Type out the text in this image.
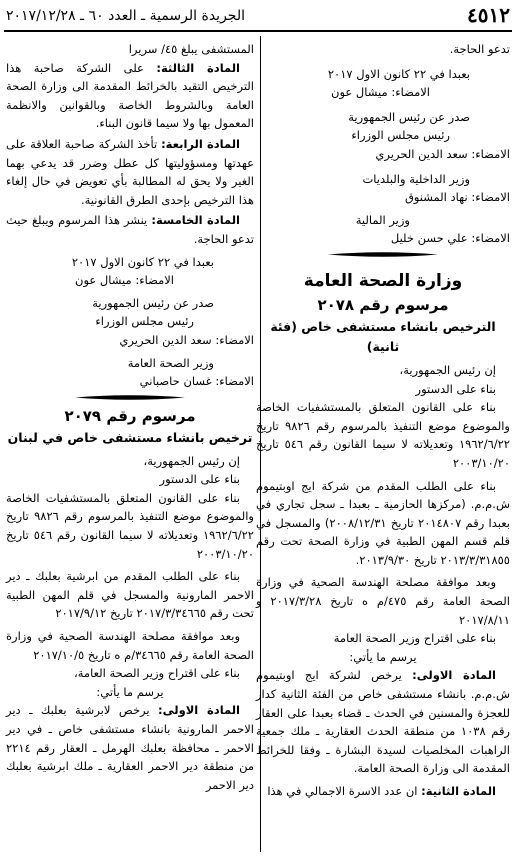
٤٥١٢
الجريدة الرسمية ـ العدد ٦٠ ـ ٢٠١٧/١٢/٢٨

تدعو الحاجة.

بعبدا في ٢٢ كانون الاول ٢٠١٧

الامضاء: ميشال عون

صدر عن رئيس الجمهورية

رئيس مجلس الوزراء

الامضاء: سعد الدين الحريري

وزير الداخلية والبلديات

الامضاء: نهاد المشنوق

وزير المالية

الامضاء: علي حسن خليل

وزارة الصحة العامة

مرسوم رقم ٢٠٧٨

الترخيص بانشاء مستشفى خاص (فئة ثانية)

إن رئيس الجمهورية،

بناء على الدستور

بناء على القانون المتعلق بالمستشفيات الخاصة والموضوع موضع التنفيذ بالمرسوم رقم ٩٨٢٦ تاريخ ١٩٦٢/٦/٢٢ وتعديلاته لا سيما القانون رقم ٥٤٦ تاريخ ٢٠٠٣/١٠/٢٠

بناء على الطلب المقدم من شركة ايج اوبتيموم ش.م.م. (مركزها الحازمية ـ بعبدا ـ سجل تجاري في بعبدا رقم ٢٠١٤٨٠٧ تاريخ ٢٠٠٨/١٢/٣١) والمسجل في قلم قسم المهن الطبية في وزارة الصحة تحت رقم ٢٠١٣/٣/٣١٨٥٥ تاريخ ٢٠١٣/٩/٣٠.

وبعد موافقة مصلحة الهندسة الصحية في وزارة الصحة العامة رقم ٤٧٥/م ه تاريخ ٢٠١٧/٣/٢٨ و ٢٠١٧/٨/١١

بناء على اقتراح وزير الصحة العامة

يرسم ما يأتي:

المادة الاولى: يرخص لشركة ايج اوبتيموم ش.م.م. بانشاء مستشفى خاص من الفئة الثانية كدار للعجزة والمسنين في الحدث ـ قضاء بعبدا على العقار رقم ١٠٣٨ من منطقة الحدث العقارية ـ ملك جمعية الراهبات المخلصيات لسيدة البشارة ـ وفقا للخرائط المقدمة الى وزارة الصحة العامة.

المادة الثانية: ان عدد الاسرة الاجمالي في هذا

المستشفى يبلغ ٤٥/ سريرا

المادة الثالثة: على الشركة صاحبة هذا الترخيص التقيد بالخرائط المقدمة الى وزارة الصحة العامة وبالشروط الخاصة وبالقوانين والانظمة المعمول بها ولا سيما قانون البناء.

المادة الرابعة: تأخذ الشركة صاحبة العلاقة على عهدتها ومسؤوليتها كل عطل وضرر قد يدعي بهما الغير ولا يحق له المطالبة بأي تعويض في حال إلغاء هذا الترخيص بإحدى الطرق القانونية.

المادة الخامسة: ينشر هذا المرسوم ويبلغ حيث تدعو الحاجة.

بعبدا في ٢٢ كانون الاول ٢٠١٧

الامضاء: ميشال عون

صدر عن رئيس الجمهورية

رئيس مجلس الوزراء

الامضاء: سعد الدين الحريري

وزير الصحة العامة

الامضاء: غسان حاصباني

مرسوم رقم ٢٠٧٩

ترخيص بانشاء مستشفى خاص في لبنان

إن رئيس الجمهورية،

بناء على الدستور

بناء على القانون المتعلق بالمستشفيات الخاصة والموضوع موضع التنفيذ بالمرسوم رقم ٩٨٢٦ تاريخ ١٩٦٢/٦/٢٢ وتعديلاته لا سيما القانون رقم ٥٤٦ تاريخ ٢٠٠٣/١٠/٢٠

بناء على الطلب المقدم من ابرشية بعلبك ـ دير الاحمر المارونية والمسجل في قلم المهن الطبية تحت رقم ٢٠١٧/٣/٣٤٦٦٥ تاريخ ٢٠١٧/٩/١٢

وبعد موافقة مصلحة الهندسة الصحية في وزارة الصحة العامة رقم ٣٤٦٦٥/م ه تاريخ ٢٠١٧/١٠/٥

بناء على اقتراح وزير الصحة العامة،

يرسم ما يأتي:

المادة الاولى: يرخص لابرشية بعلبك ـ دير الاحمر المارونية بانشاء مستشفى خاص ـ في دير الاحمر ـ محافظة بعلبك الهرمل ـ العقار رقم ٢٢١٤ من منطقة دير الاحمر العقارية ـ ملك ابرشية بعلبك دير الاحمر
